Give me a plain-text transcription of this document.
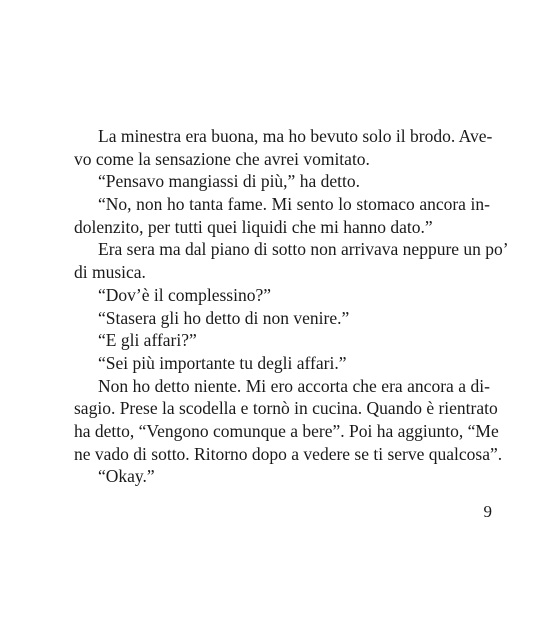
La minestra era buona, ma ho bevuto solo il brodo. Ave-
vo come la sensazione che avrei vomitato.
“Pensavo mangiassi di più,” ha detto.
“No, non ho tanta fame. Mi sento lo stomaco ancora in-
dolenzito, per tutti quei liquidi che mi hanno dato.”
Era sera ma dal piano di sotto non arrivava neppure un po’
di musica.
“Dov’è il complessino?”
“Stasera gli ho detto di non venire.”
“E gli affari?”
“Sei più importante tu degli affari.”
Non ho detto niente. Mi ero accorta che era ancora a di-
sagio. Prese la scodella e tornò in cucina. Quando è rientrato
ha detto, “Vengono comunque a bere”. Poi ha aggiunto, “Me
ne vado di sotto. Ritorno dopo a vedere se ti serve qualcosa”.
“Okay.”
9
